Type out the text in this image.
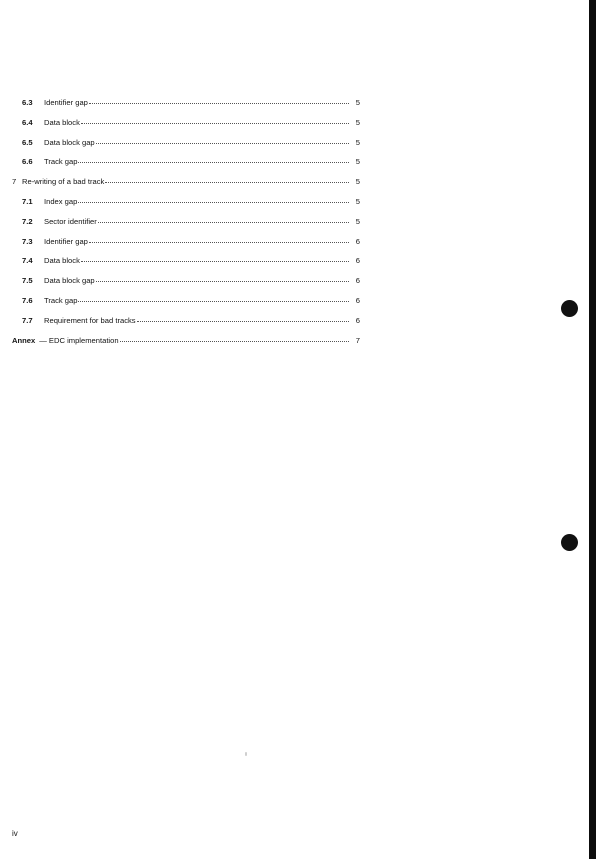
6.3	Identifier gap	5
6.4	Data block	5
6.5	Data block gap	5
6.6	Track gap	5
7 Re-writing of a bad track	5
7.1	Index gap	5
7.2	Sector identifier	5
7.3	Identifier gap	6
7.4	Data block	6
7.5	Data block gap	6
7.6	Track gap	6
7.7	Requirement for bad tracks	6
Annex — EDC implementation	7
iv
